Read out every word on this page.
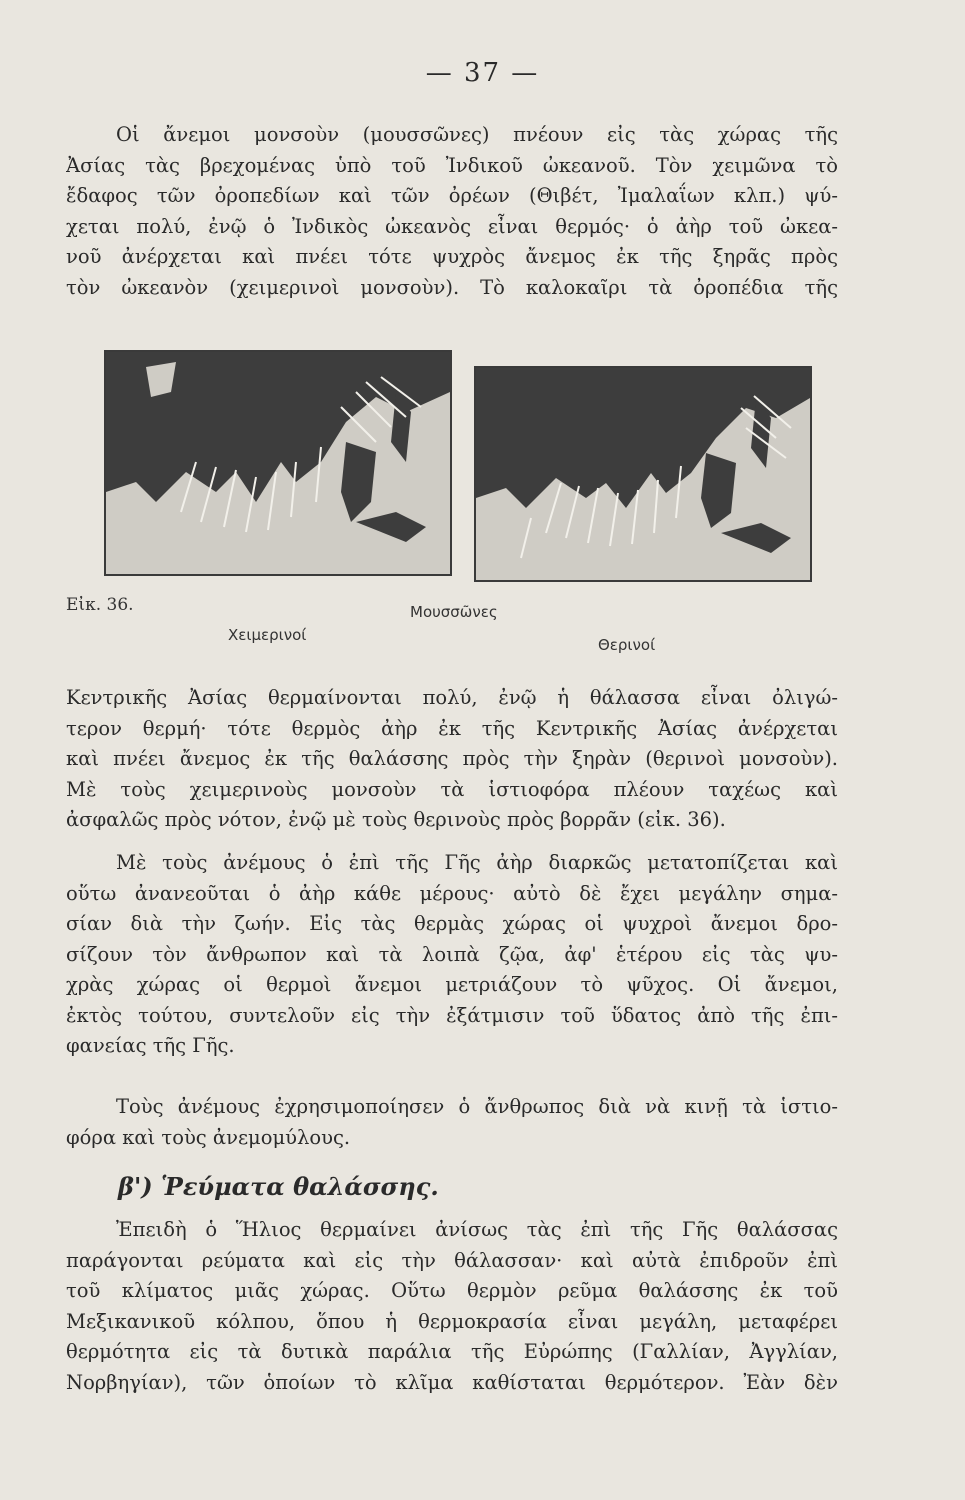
— 37 —
Οἱ ἄνεμοι μονσοὺν (μουσσῶνες) πνέουν εἰς τὰς χώρας τῆς
Ἀσίας τὰς βρεχομένας ὑπὸ τοῦ Ἰνδικοῦ ὠκεανοῦ. Τὸν χειμῶνα τὸ
ἔδαφος τῶν ὀροπεδίων καὶ τῶν ὀρέων (Θιβέτ, Ἰμαλαΐων κλπ.) ψύ-
χεται πολύ, ἐνῷ ὁ Ἰνδικὸς ὠκεανὸς εἶναι θερμός· ὁ ἀὴρ τοῦ ὠκεα-
νοῦ ἀνέρχεται καὶ πνέει τότε ψυχρὸς ἄνεμος ἐκ τῆς ξηρᾶς πρὸς
τὸν ὠκεανὸν (χειμερινοὶ μονσοὺν). Τὸ καλοκαῖρι τὰ ὀροπέδια τῆς
Εἰκ. 36.	Μουσσῶνες
Χειμερινοί
Θερινοί
Κεντρικῆς Ἀσίας θερμαίνονται πολύ, ἐνῷ ἡ θάλασσα εἶναι ὀλιγώ-
τερον θερμή· τότε θερμὸς ἀὴρ ἐκ τῆς Κεντρικῆς Ἀσίας ἀνέρχεται
καὶ πνέει ἄνεμος ἐκ τῆς θαλάσσης πρὸς τὴν ξηρὰν (θερινοὶ μονσοὺν).
Μὲ τοὺς χειμερινοὺς μονσοὺν τὰ ἱστιοφόρα πλέουν ταχέως καὶ
ἀσφαλῶς πρὸς νότον, ἐνῷ μὲ τοὺς θερινοὺς πρὸς βορρᾶν (εἰκ. 36).
Μὲ τοὺς ἀνέμους ὁ ἐπὶ τῆς Γῆς ἀὴρ διαρκῶς μετατοπίζεται καὶ
οὕτω ἀνανεοῦται ὁ ἀὴρ κάθε μέρους· αὐτὸ δὲ ἔχει μεγάλην σημα-
σίαν διὰ τὴν ζωήν. Εἰς τὰς θερμὰς χώρας οἱ ψυχροὶ ἄνεμοι δρο-
σίζουν τὸν ἄνθρωπον καὶ τὰ λοιπὰ ζῷα, ἀφ' ἑτέρου εἰς τὰς ψυ-
χρὰς χώρας οἱ θερμοὶ ἄνεμοι μετριάζουν τὸ ψῦχος. Οἱ ἄνεμοι,
ἐκτὸς τούτου, συντελοῦν εἰς τὴν ἐξάτμισιν τοῦ ὕδατος ἀπὸ τῆς ἐπι-
φανείας τῆς Γῆς.
Τοὺς ἀνέμους ἐχρησιμοποίησεν ὁ ἄνθρωπος διὰ νὰ κινῇ τὰ ἱστιο-
φόρα καὶ τοὺς ἀνεμομύλους.
β') Ῥεύματα θαλάσσης.
Ἐπειδὴ ὁ Ἥλιος θερμαίνει ἀνίσως τὰς ἐπὶ τῆς Γῆς θαλάσσας
παράγονται ρεύματα καὶ εἰς τὴν θάλασσαν· καὶ αὐτὰ ἐπιδροῦν ἐπὶ
τοῦ κλίματος μιᾶς χώρας. Οὕτω θερμὸν ρεῦμα θαλάσσης ἐκ τοῦ
Μεξικανικοῦ κόλπου, ὅπου ἡ θερμοκρασία εἶναι μεγάλη, μεταφέρει
θερμότητα εἰς τὰ δυτικὰ παράλια τῆς Εὐρώπης (Γαλλίαν, Ἀγγλίαν,
Νορβηγίαν), τῶν ὁποίων τὸ κλῖμα καθίσταται θερμότερον. Ἐὰν δὲν
